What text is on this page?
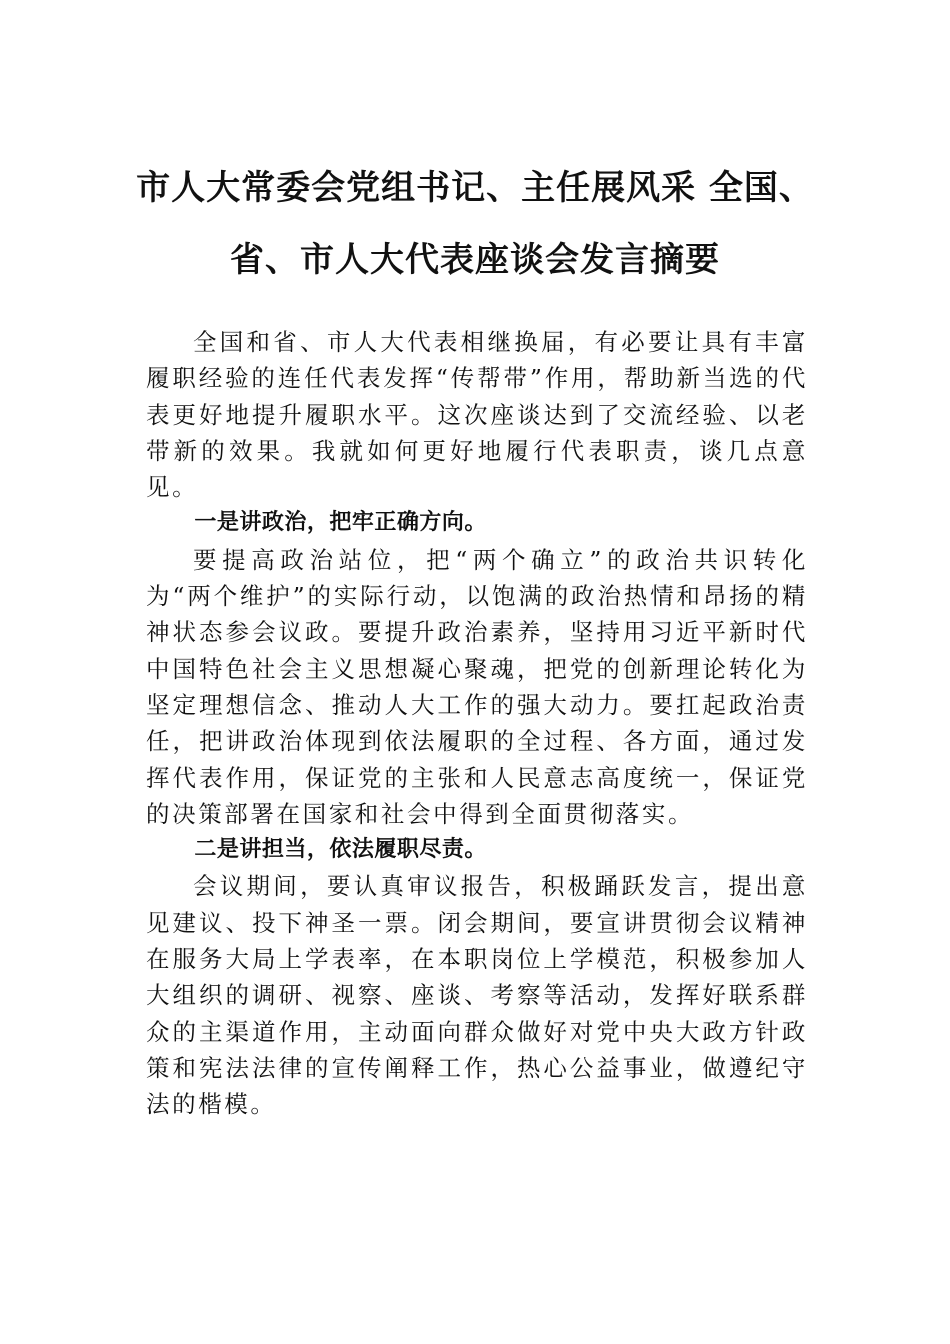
市人大常委会党组书记、主任展风采 全国、
省、市人大代表座谈会发言摘要

全国和省、市人大代表相继换届，有必要让具有丰富履职经验的连任代表发挥“传帮带”作用，帮助新当选的代表更好地提升履职水平。这次座谈达到了交流经验、以老带新的效果。我就如何更好地履行代表职责，谈几点意见。

一是讲政治，把牢正确方向。

要提高政治站位，把“两个确立”的政治共识转化为“两个维护”的实际行动，以饱满的政治热情和昂扬的精神状态参会议政。要提升政治素养，坚持用习近平新时代中国特色社会主义思想凝心聚魂，把党的创新理论转化为坚定理想信念、推动人大工作的强大动力。要扛起政治责任，把讲政治体现到依法履职的全过程、各方面，通过发挥代表作用，保证党的主张和人民意志高度统一，保证党的决策部署在国家和社会中得到全面贯彻落实。

二是讲担当，依法履职尽责。

会议期间，要认真审议报告，积极踊跃发言，提出意见建议、投下神圣一票。闭会期间，要宣讲贯彻会议精神在服务大局上学表率，在本职岗位上学模范，积极参加人大组织的调研、视察、座谈、考察等活动，发挥好联系群众的主渠道作用，主动面向群众做好对党中央大政方针政策和宪法法律的宣传阐释工作，热心公益事业，做遵纪守法的楷模。
